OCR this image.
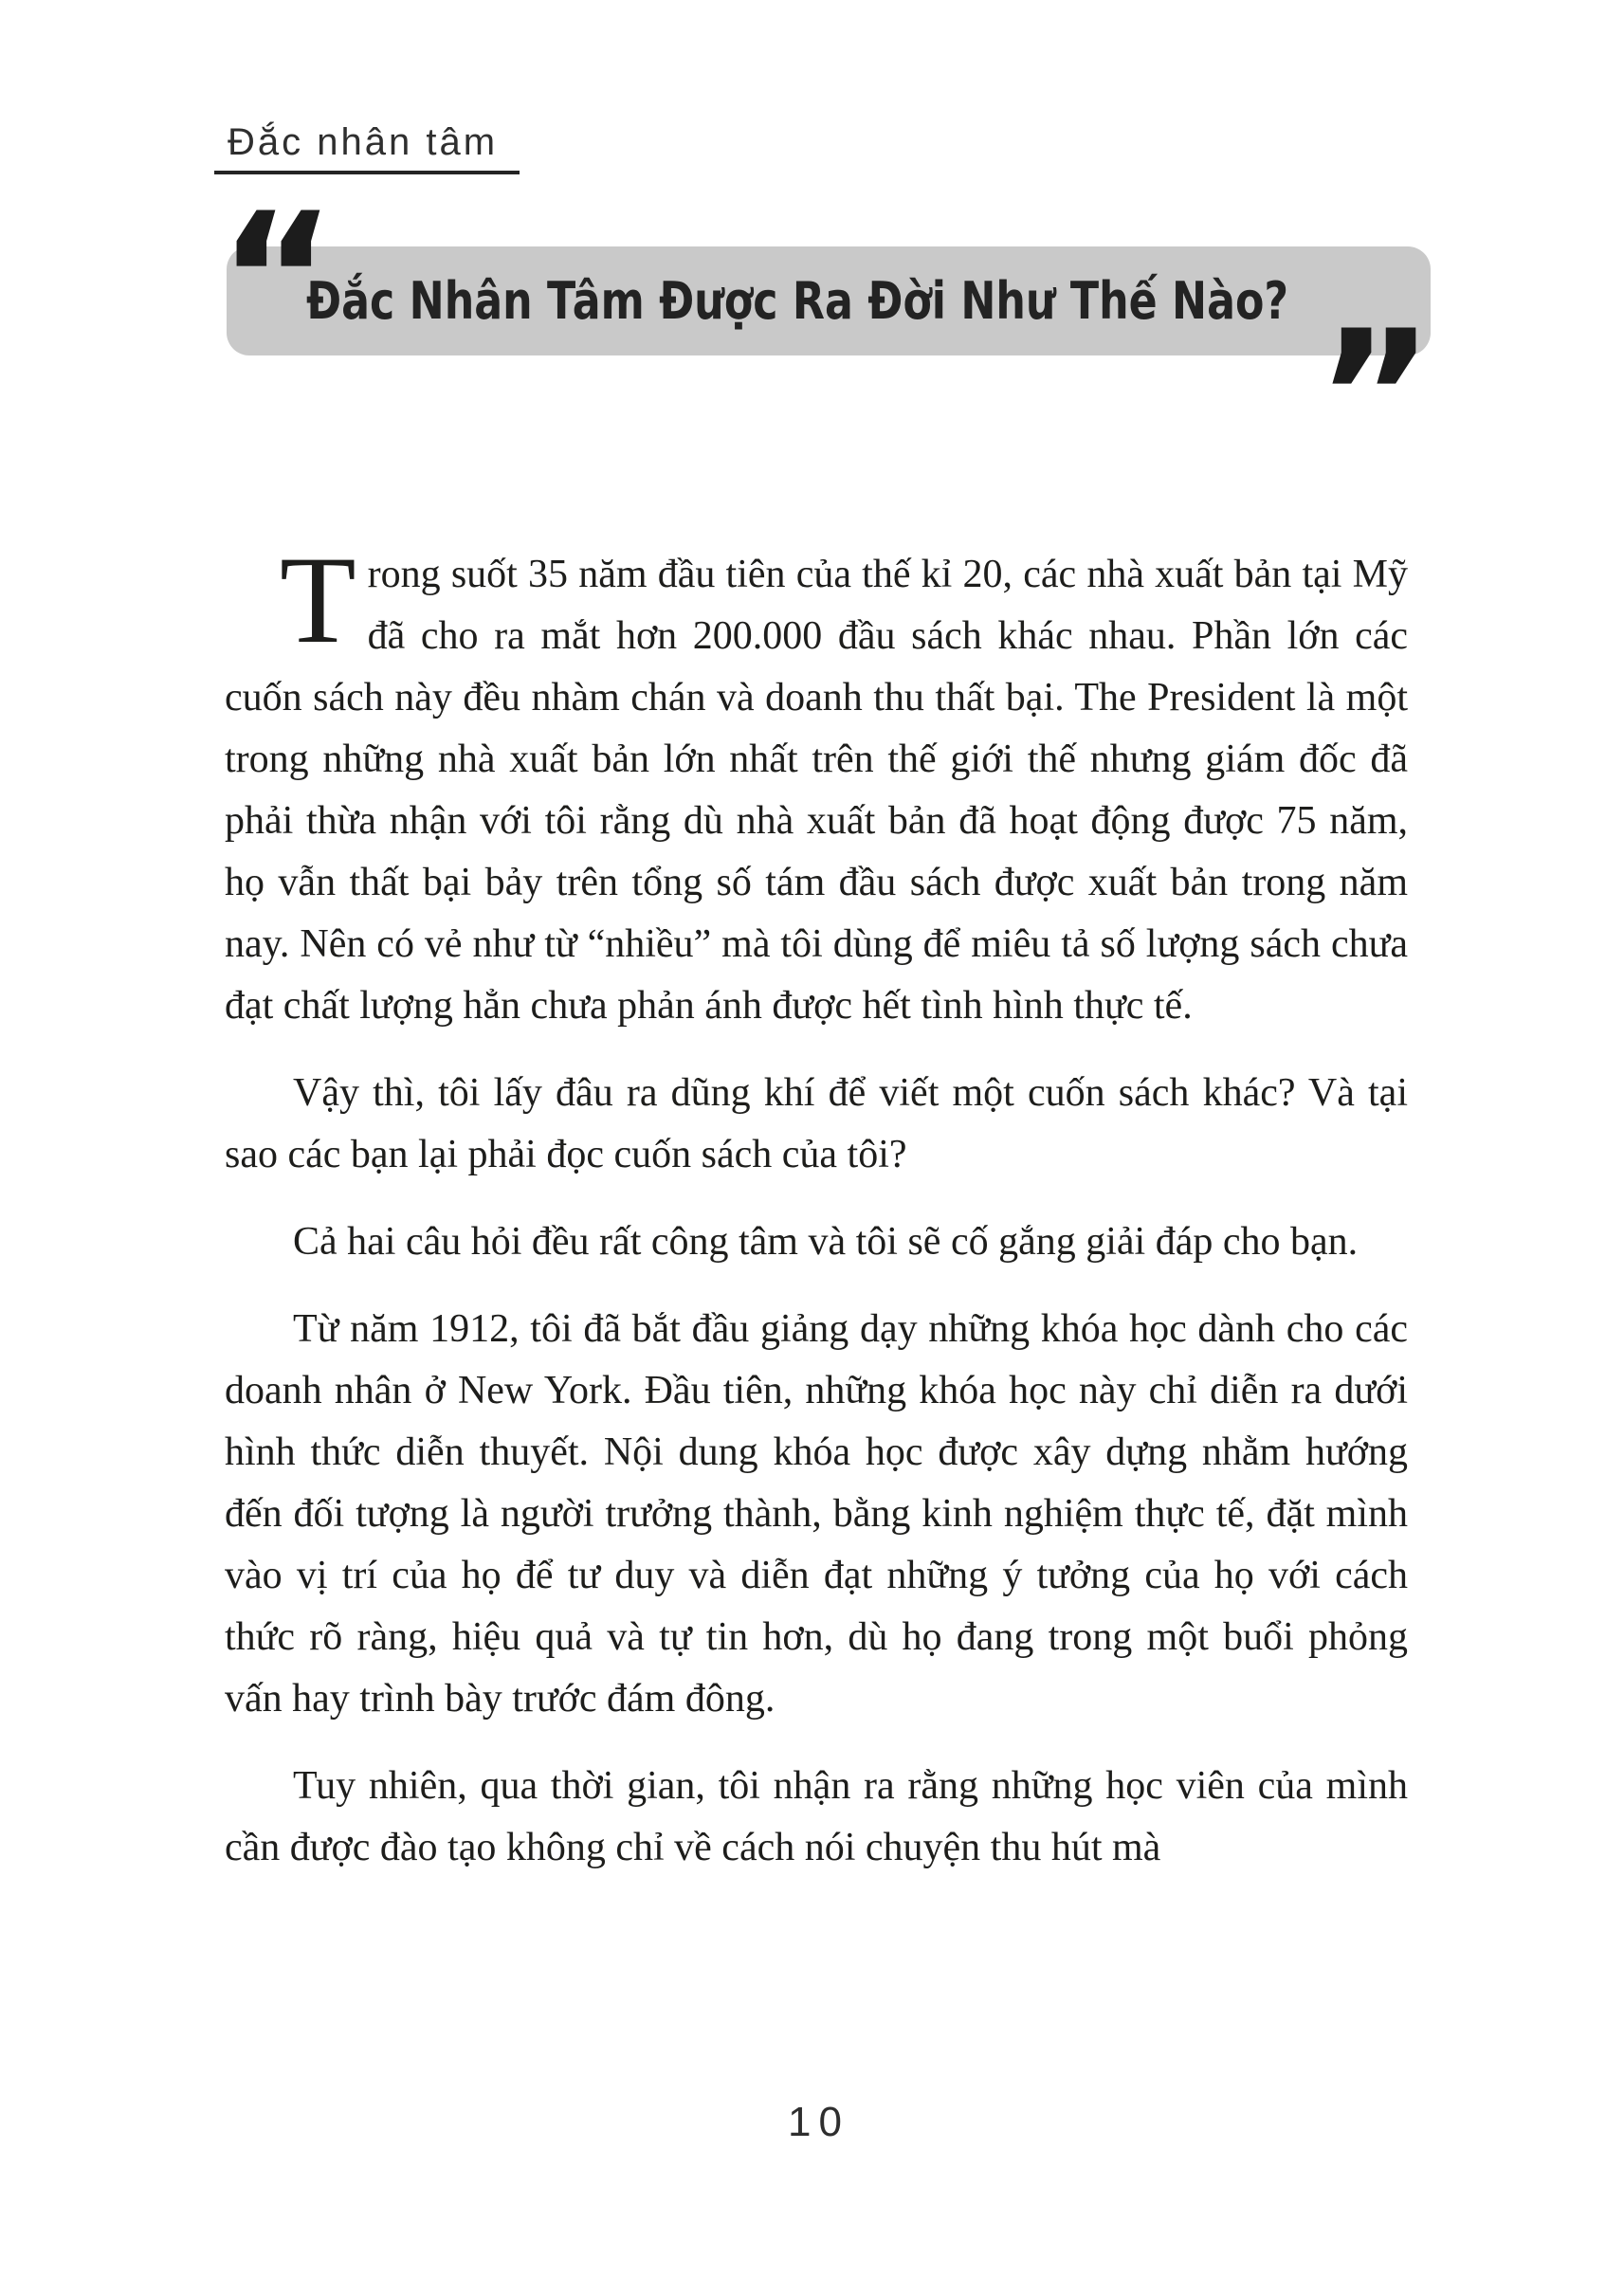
Đắc nhân tâm
“
Đắc Nhân Tâm Được Ra Đời Như Thế Nào? ”

Trong suốt 35 năm đầu tiên của thế kỉ 20, các nhà xuất bản tại Mỹ đã cho ra mắt hơn 200.000 đầu sách khác nhau. Phần lớn các cuốn sách này đều nhàm chán và doanh thu thất bại. The President là một trong những nhà xuất bản lớn nhất trên thế giới thế nhưng giám đốc đã phải thừa nhận với tôi rằng dù nhà xuất bản đã hoạt động được 75 năm, họ vẫn thất bại bảy trên tổng số tám đầu sách được xuất bản trong năm nay. Nên có vẻ như từ “nhiều” mà tôi dùng để miêu tả số lượng sách chưa đạt chất lượng hẳn chưa phản ánh được hết tình hình thực tế.

Vậy thì, tôi lấy đâu ra dũng khí để viết một cuốn sách khác? Và tại sao các bạn lại phải đọc cuốn sách của tôi?

Cả hai câu hỏi đều rất công tâm và tôi sẽ cố gắng giải đáp cho bạn.

Từ năm 1912, tôi đã bắt đầu giảng dạy những khóa học dành cho các doanh nhân ở New York. Đầu tiên, những khóa học này chỉ diễn ra dưới hình thức diễn thuyết. Nội dung khóa học được xây dựng nhằm hướng đến đối tượng là người trưởng thành, bằng kinh nghiệm thực tế, đặt mình vào vị trí của họ để tư duy và diễn đạt những ý tưởng của họ với cách thức rõ ràng, hiệu quả và tự tin hơn, dù họ đang trong một buổi phỏng vấn hay trình bày trước đám đông.

Tuy nhiên, qua thời gian, tôi nhận ra rằng những học viên của mình cần được đào tạo không chỉ về cách nói chuyện thu hút mà

10
